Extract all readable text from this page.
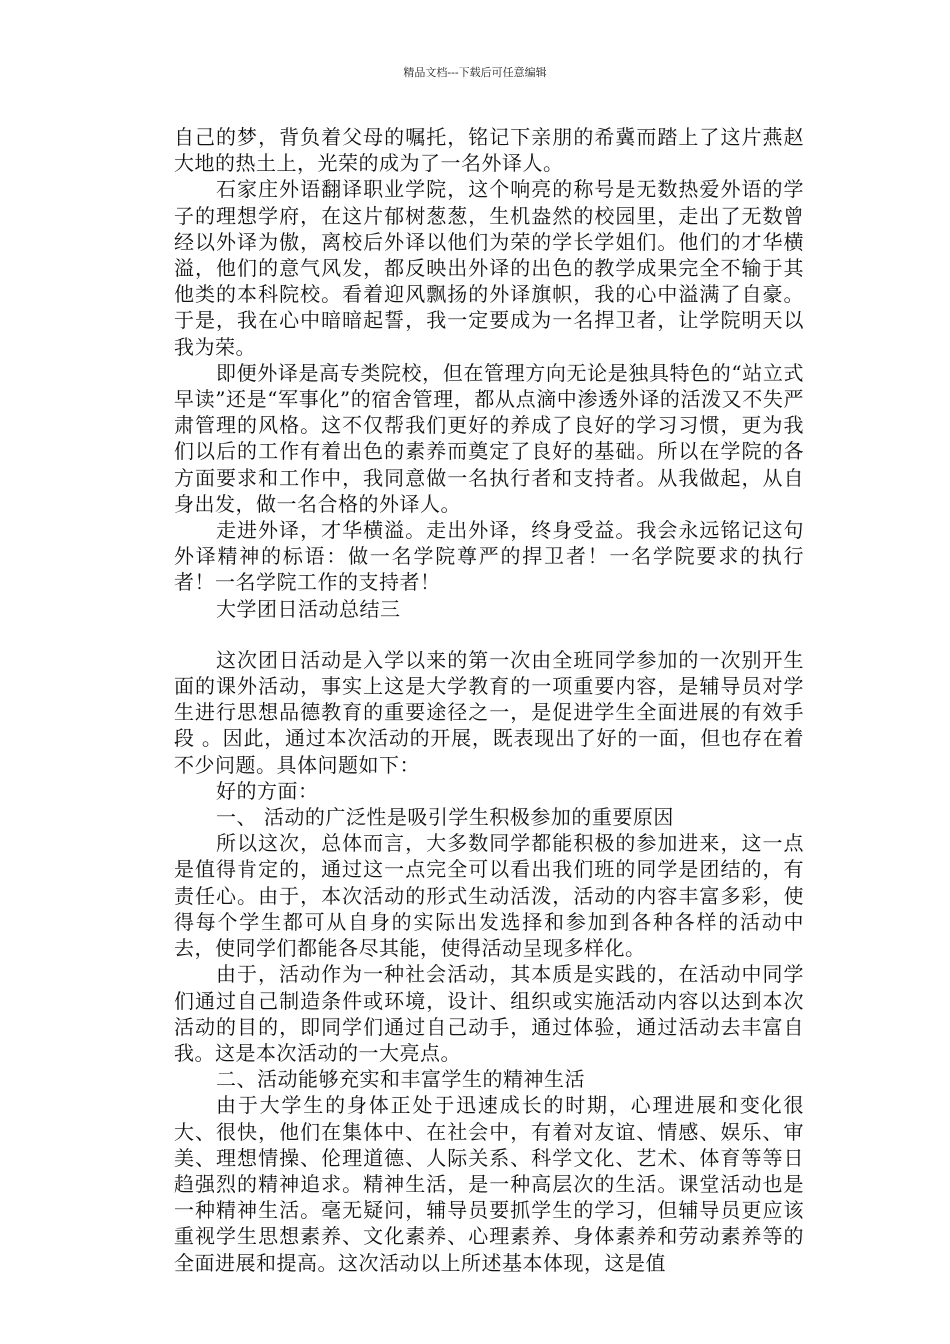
精品文档---下载后可任意编辑

自己的梦，背负着父母的嘱托，铭记下亲朋的希冀而踏上了这片燕赵大地的热土上，光荣的成为了一名外译人。

石家庄外语翻译职业学院，这个响亮的称号是无数热爱外语的学子的理想学府，在这片郁树葱葱，生机盎然的校园里，走出了无数曾经以外译为傲，离校后外译以他们为荣的学长学姐们。他们的才华横溢，他们的意气风发，都反映出外译的出色的教学成果完全不输于其他类的本科院校。看着迎风飘扬的外译旗帜，我的心中溢满了自豪。于是，我在心中暗暗起誓，我一定要成为一名捍卫者，让学院明天以我为荣。

即便外译是高专类院校，但在管理方向无论是独具特色的“站立式早读”还是“军事化”的宿舍管理，都从点滴中渗透外译的活泼又不失严肃管理的风格。这不仅帮我们更好的养成了良好的学习习惯，更为我们以后的工作有着出色的素养而奠定了良好的基础。所以在学院的各方面要求和工作中，我同意做一名执行者和支持者。从我做起，从自身出发，做一名合格的外译人。

走进外译，才华横溢。走出外译，终身受益。我会永远铭记这句外译精神的标语：做一名学院尊严的捍卫者！一名学院要求的执行者！一名学院工作的支持者！

大学团日活动总结三

这次团日活动是入学以来的第一次由全班同学参加的一次别开生面的课外活动，事实上这是大学教育的一项重要内容，是辅导员对学生进行思想品德教育的重要途径之一，是促进学生全面进展的有效手段 。因此，通过本次活动的开展，既表现出了好的一面，但也存在着不少问题。具体问题如下：

好的方面：

一、 活动的广泛性是吸引学生积极参加的重要原因

所以这次，总体而言，大多数同学都能积极的参加进来，这一点是值得肯定的，通过这一点完全可以看出我们班的同学是团结的，有责任心。由于，本次活动的形式生动活泼，活动的内容丰富多彩，使得每个学生都可从自身的实际出发选择和参加到各种各样的活动中去，使同学们都能各尽其能，使得活动呈现多样化。

由于，活动作为一种社会活动，其本质是实践的，在活动中同学们通过自己制造条件或环境，设计、组织或实施活动内容以达到本次活动的目的，即同学们通过自己动手，通过体验，通过活动去丰富自我。这是本次活动的一大亮点。

二、活动能够充实和丰富学生的精神生活

由于大学生的身体正处于迅速成长的时期，心理进展和变化很大、很快，他们在集体中、在社会中，有着对友谊、情感、娱乐、审美、理想情操、伦理道德、人际关系、科学文化、艺术、体育等等日趋强烈的精神追求。精神生活，是一种高层次的生活。课堂活动也是一种精神生活。毫无疑问，辅导员要抓学生的学习，但辅导员更应该重视学生思想素养、文化素养、心理素养、身体素养和劳动素养等的全面进展和提高。这次活动以上所述基本体现，这是值
